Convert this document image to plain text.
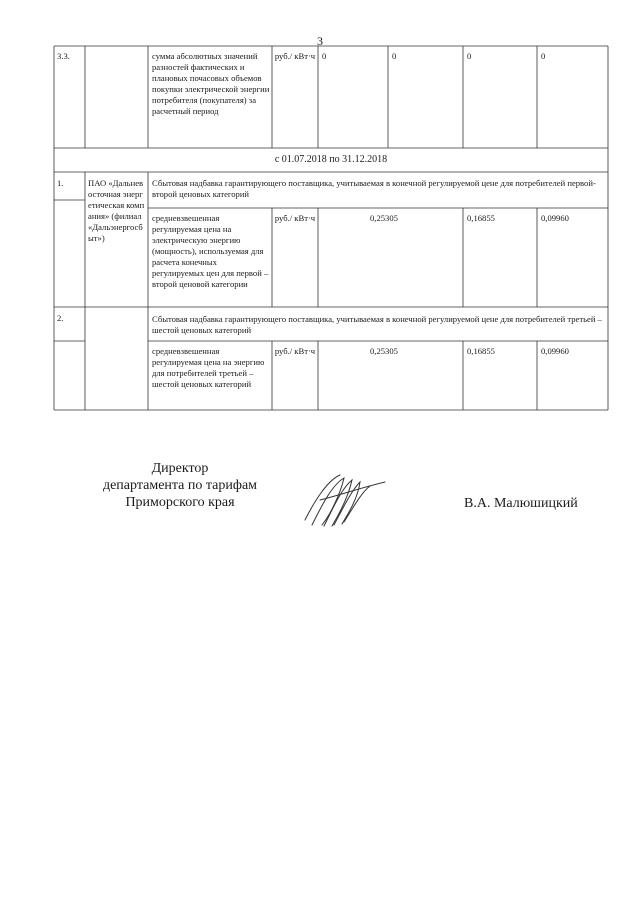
3
3.3.	сумма абсолютных значений разностей фактических и плановых почасовых объемов покупки электрической энергии потребителя (покупателя) за расчетный период
руб./ кВт·ч 0	0	0	0
с 01.07.2018 по 31.12.2018
1.	ПАО «Дальневосточная энергетическая компания» (филиал «Дальэнергосбыт»)
Сбытовая надбавка гарантирующего поставщика, учитываемая в конечной регулируемой цене для потребителей первой-второй ценовых категорий
средневзвешенная регулируемая цена на электрическую энергию (мощность), используемая для расчета конечных регулируемых цен для первой –второй ценовой категории
руб./ кВт·ч	0,25305	0,16855	0,09960
2.	Сбытовая надбавка гарантирующего поставщика, учитываемая в конечной регулируемой цене для потребителей третьей – шестой ценовых категорий
средневзвешенная регулируемая цена на энергию для потребителей третьей –шестой ценовых категорий
руб./ кВт·ч	0,25305	0,16855	0,09960
Директор
департамента по тарифам
Приморского края	В.А. Малюшицкий
